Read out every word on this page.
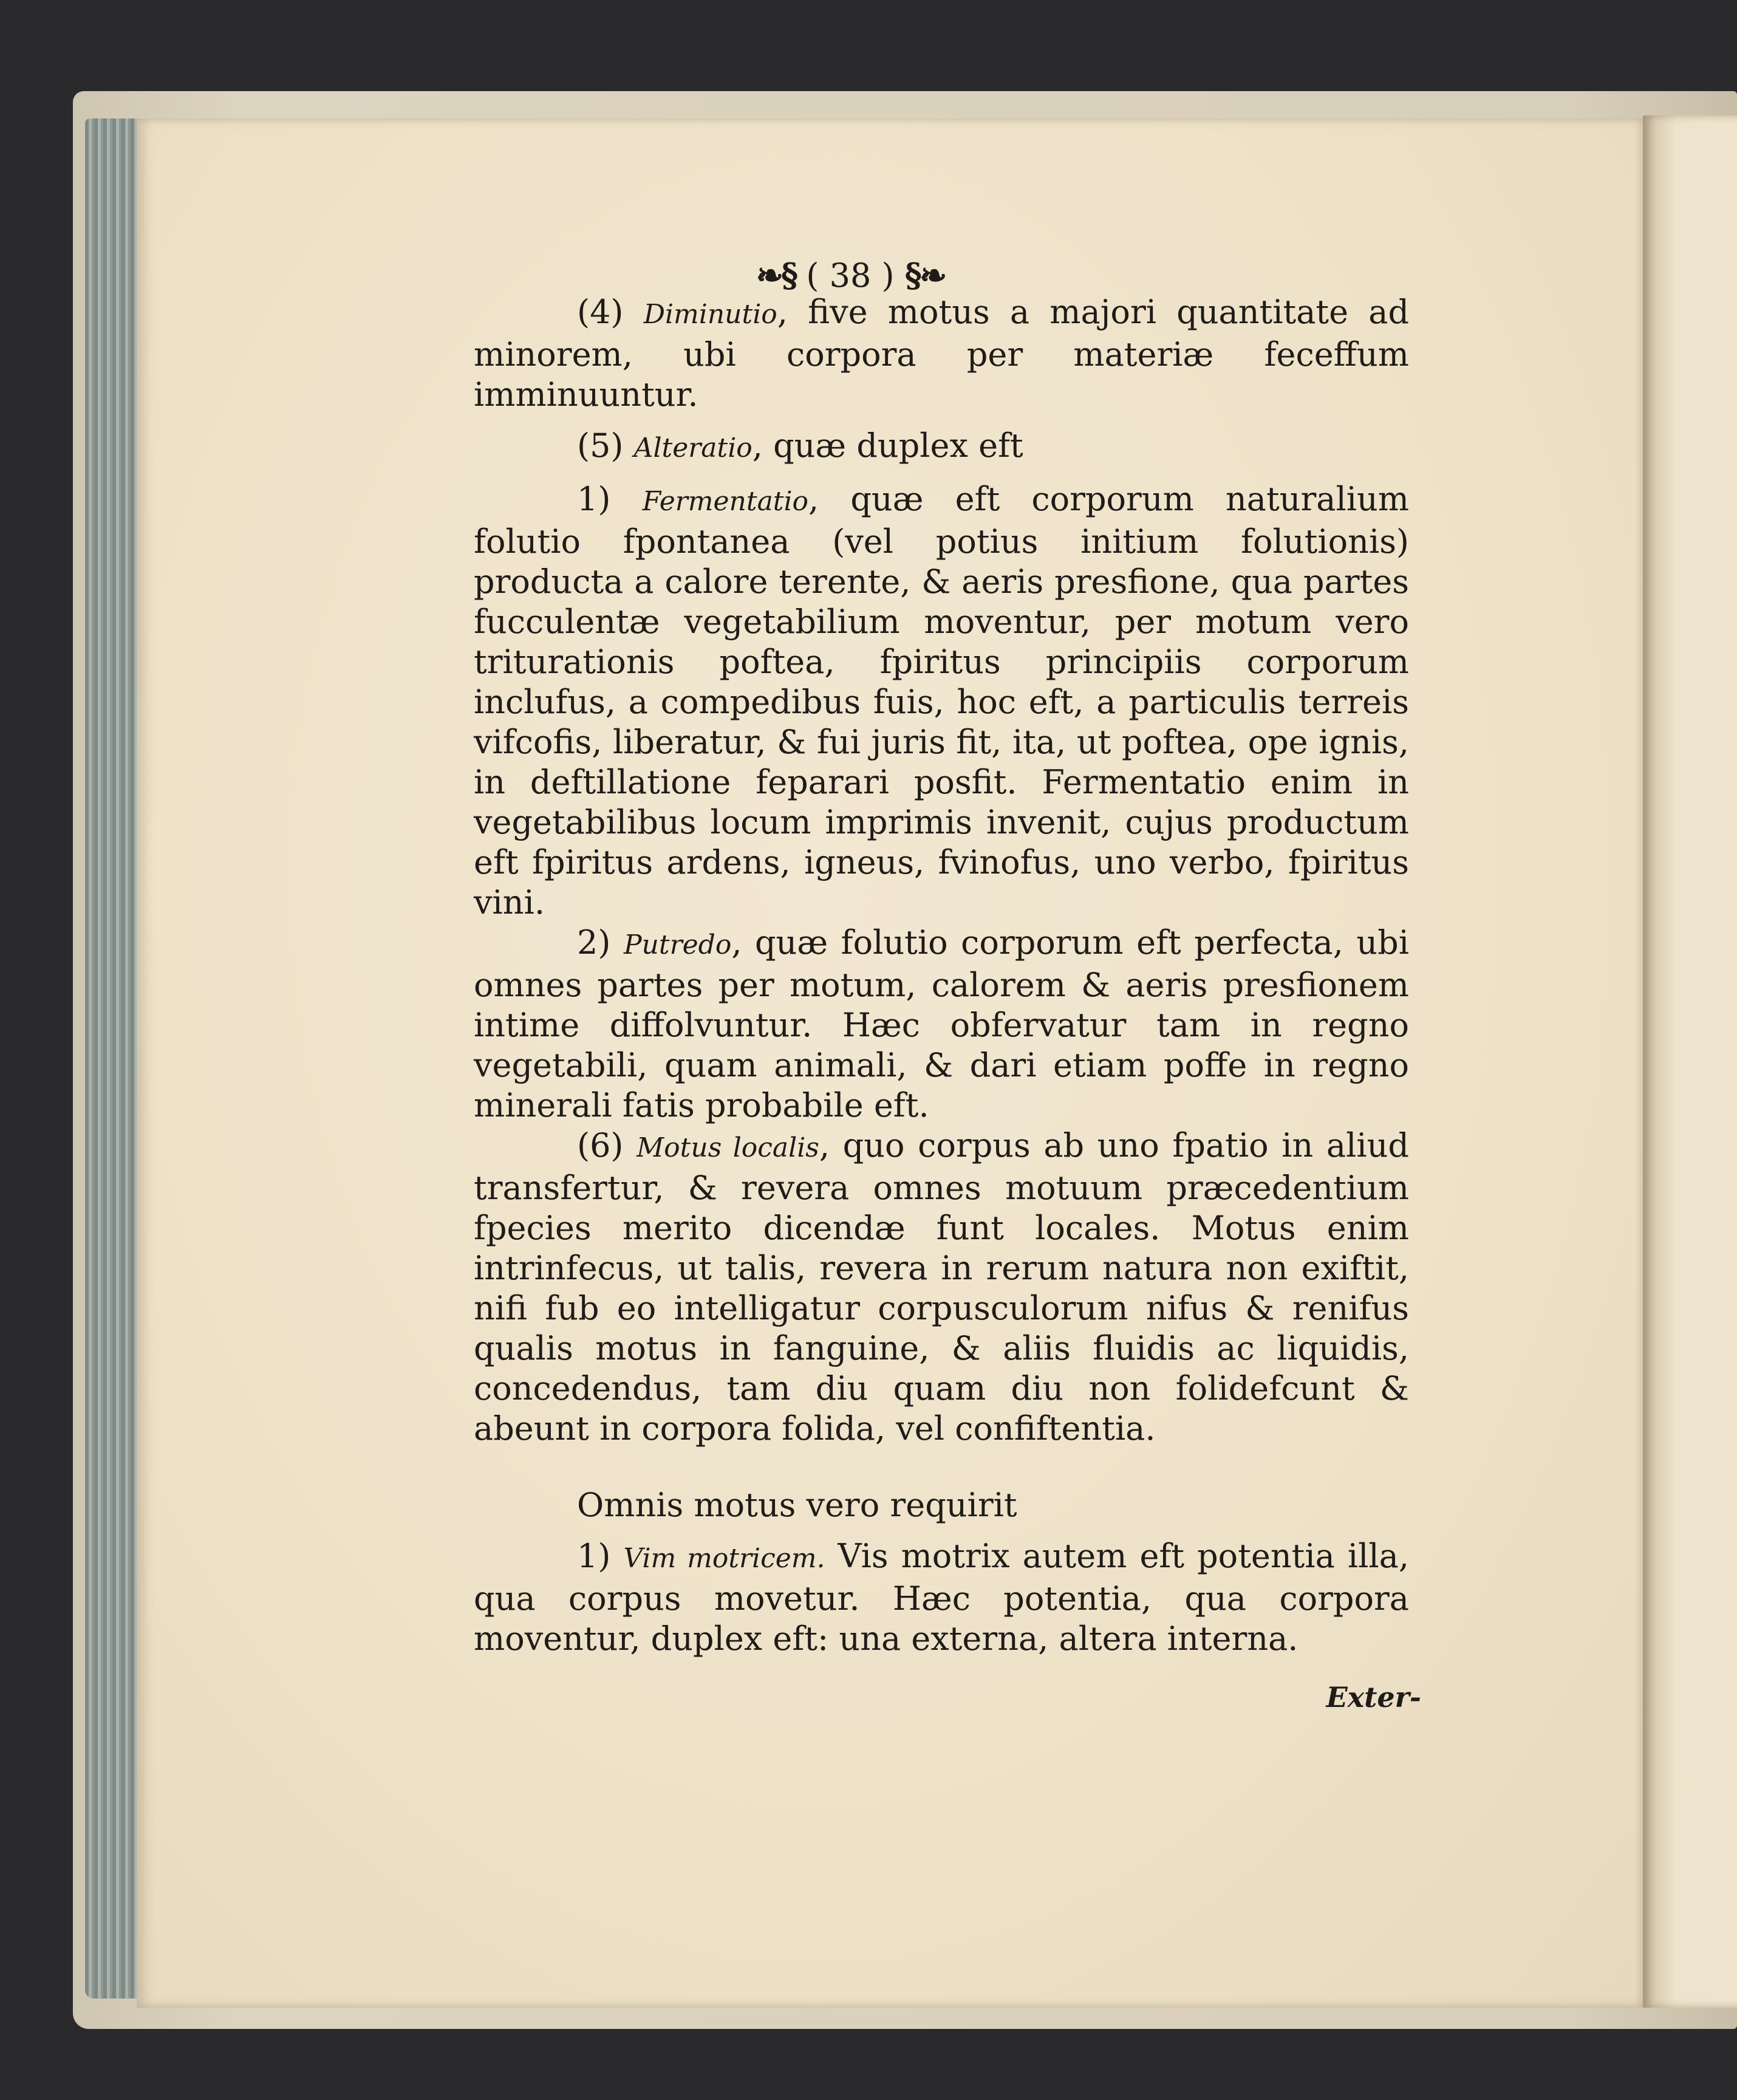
❧§ ( 38 ) §❧

(4) Diminutio, five motus a majori quantitate ad minorem, ubi corpora per materiæ feceffum imminuuntur.

(5) Alteratio, quæ duplex eft

1) Fermentatio, quæ eft corporum naturalium folutio fpontanea (vel potius initium folutionis) producta a calore terente, & aeris presfione, qua partes fucculentæ vegetabilium moventur, per motum vero triturationis poftea, fpiritus principiis corporum inclufus, a compedibus fuis, hoc eft, a particulis terreis vifcofis, liberatur, & fui juris fit, ita, ut poftea, ope ignis, in deftillatione feparari posfit. Fermentatio enim in vegetabilibus locum imprimis invenit, cujus productum eft fpiritus ardens, igneus, fvinofus, uno verbo, fpiritus vini.

2) Putredo, quæ folutio corporum eft perfecta, ubi omnes partes per motum, calorem & aeris presfionem intime diffolvuntur. Hæc obfervatur tam in regno vegetabili, quam animali, & dari etiam poffe in regno minerali fatis probabile eft.

(6) Motus localis, quo corpus ab uno fpatio in aliud transfertur, & revera omnes motuum præcedentium fpecies merito dicendæ funt locales. Motus enim intrinfecus, ut talis, revera in rerum natura non exiftit, nifi fub eo intelligatur corpusculorum nifus & renifus qualis motus in fanguine, & aliis fluidis ac liquidis, concedendus, tam diu quam diu non folidefcunt & abeunt in corpora folida, vel confiftentia.

Omnis motus vero requirit

1) Vim motricem. Vis motrix autem eft potentia illa, qua corpus movetur. Hæc potentia, qua corpora moventur, duplex eft: una externa, altera interna.

Exter-
